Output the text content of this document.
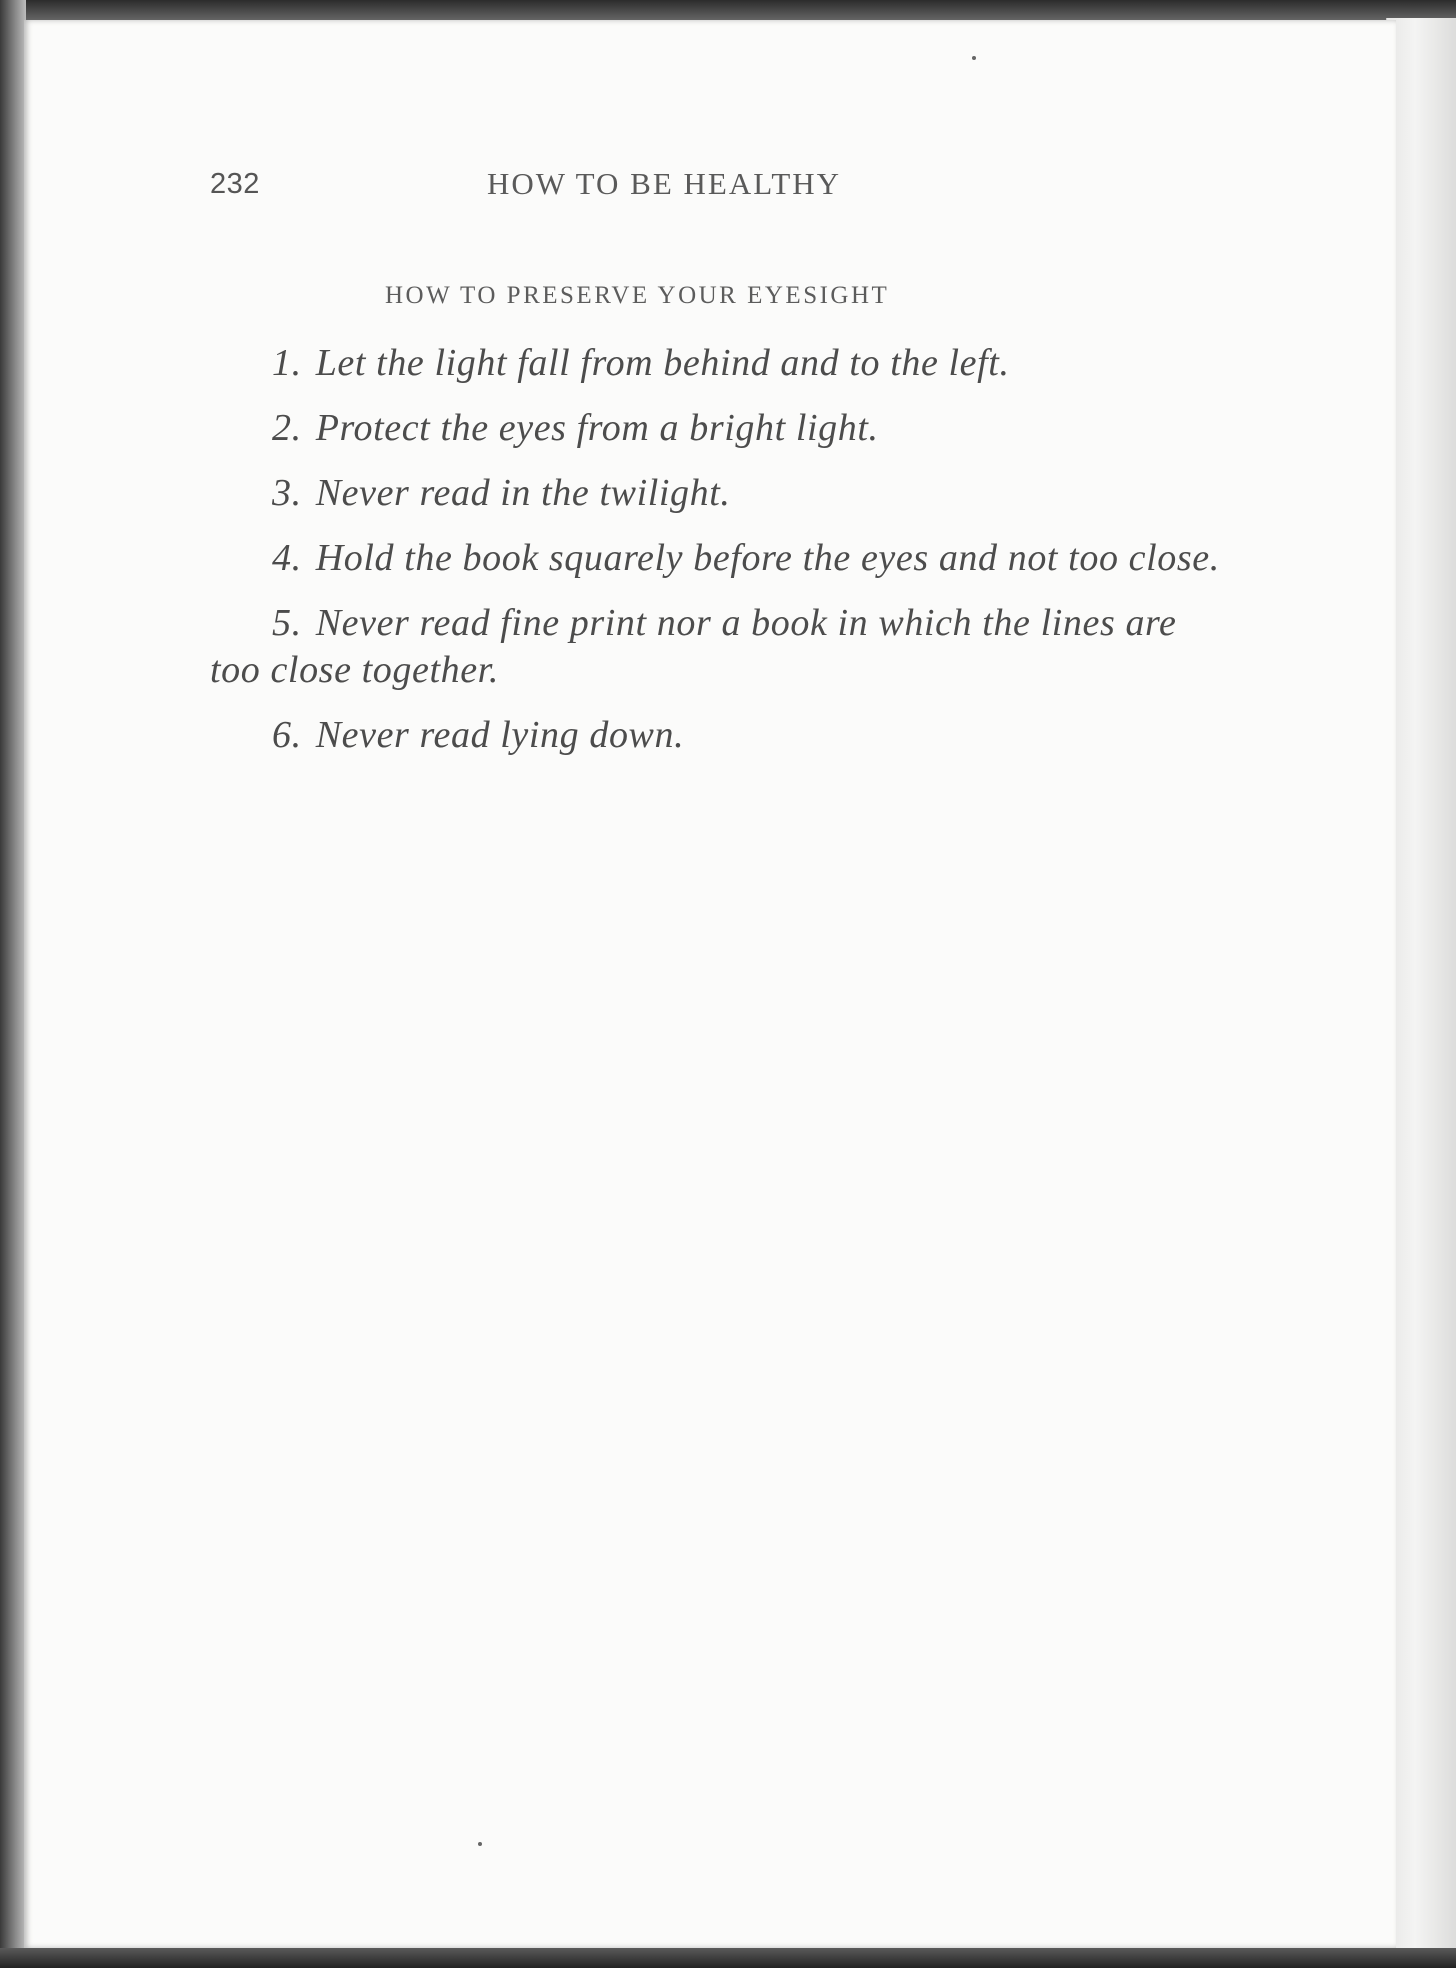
232	HOW TO BE HEALTHY
HOW TO PRESERVE YOUR EYESIGHT
1. Let the light fall from behind and to the left.
2. Protect the eyes from a bright light.
3. Never read in the twilight.
4. Hold the book squarely before the eyes and not too close.
5. Never read fine print nor a book in which the lines are too close together.
6. Never read lying down.
